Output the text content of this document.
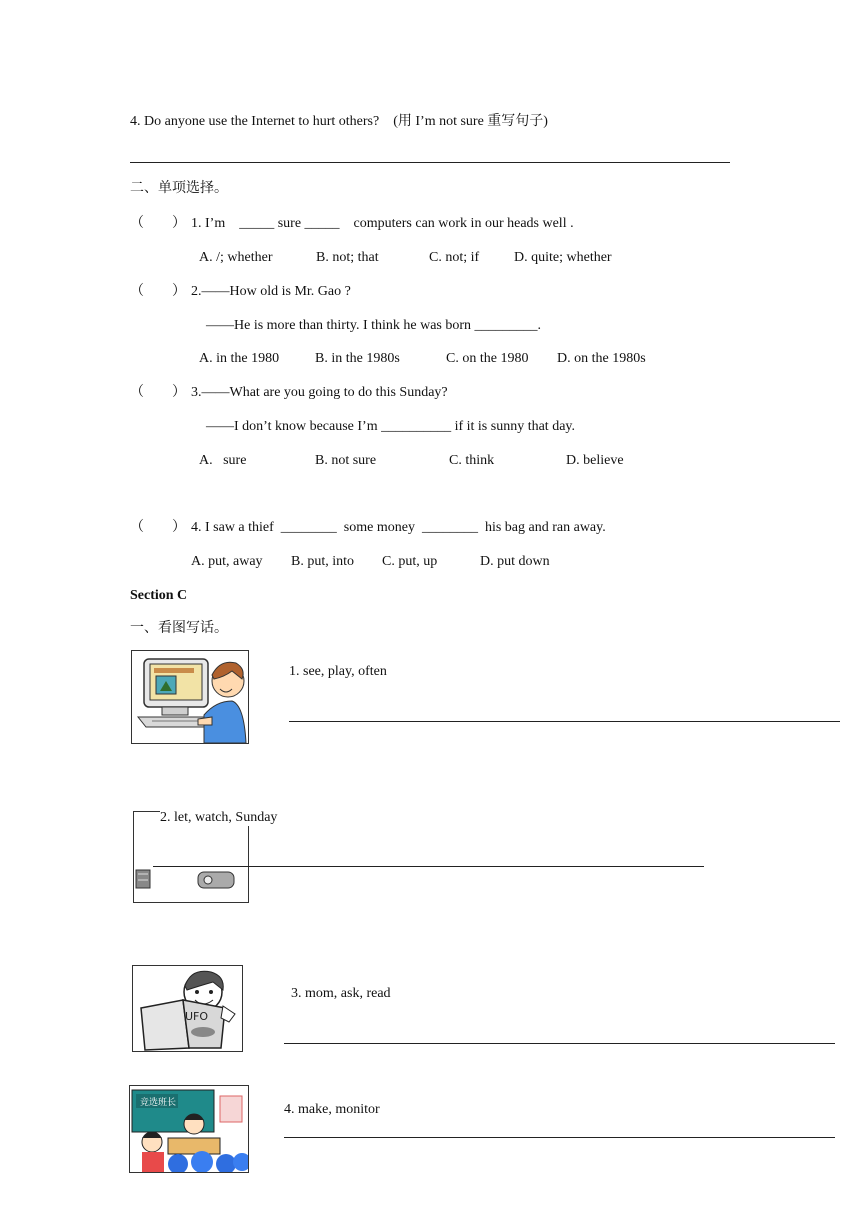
4. Do anyone use the Internet to hurt others?    (用 I’m not sure 重写句子)
二、单项选择。
（        ） 1. I’m    _____ sure _____    computers can work in our heads well .
A. /; whether	B. not; that	C. not; if D. quite; whether
（        ） 2.——How old is Mr. Gao ?
——He is more than thirty. I think he was born _________.
A. in the 1980	B. in the 1980s	C. on the 1980 D. on the 1980s
（        ） 3.——What are you going to do this Sunday?
——I don’t know because I’m __________ if it is sunny that day.
A.   sure	B. not sure	C. think	D. believe
（        ） 4. I saw a thief  ________  some money  ________  his bag and ran away.
A. put, away B. put, into C. put, up	D. put down
Section C
一、看图写话。
1. see, play, often
2. let, watch, Sunday
UFO
3. mom, ask, read
竞选班长	4. make, monitor
